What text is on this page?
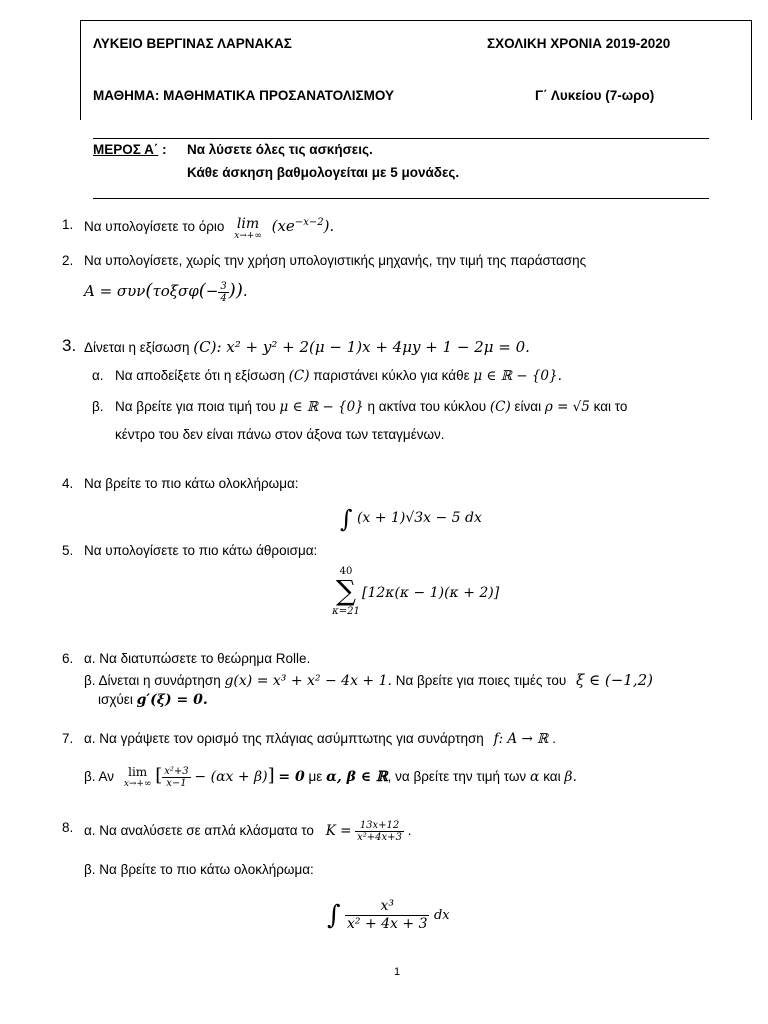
ΛΥΚΕΙΟ ΒΕΡΓΙΝΑΣ ΛΑΡΝΑΚΑΣ	ΣΧΟΛΙΚΗ ΧΡΟΝΙΑ 2019-2020
ΜΑΘΗΜΑ: ΜΑΘΗΜΑΤΙΚΑ ΠΡΟΣΑΝΑΤΟΛΙΣΜΟΥ	Γ΄ Λυκείου (7-ωρο)
ΜΕΡΟΣ Α΄ : Να λύσετε όλες τις ασκήσεις.
Κάθε άσκηση βαθμολογείται με 5 μονάδες.
1. Να υπολογίσετε το όριο lim
x→+∞
$(xe^{-x-2})$.
2. Να υπολογίσετε, χωρίς την χρήση υπολογιστικής μηχανής, την τιμή της παράστασης
$A = \sigma\upsilon\nu(\tau o\xi\sigma\varphi(- \frac{3}{4}$ )).
3. Δίνεται η εξίσωση (C): x² + y² + 2(μ − 1)x + 4μy + 1 − 2μ = 0.
α. Να αποδείξετε ότι η εξίσωση (C) παριστάνει κύκλο για κάθε μ ∈ ℝ − {0}.
β. Να βρείτε για ποια τιμή του μ ∈ ℝ − {0} η ακτίνα του κύκλου (C) είναι ρ = √5 και το
κέντρο του δεν είναι πάνω στον άξονα των τεταγμένων.
4. Να βρείτε το πιο κάτω ολοκλήρωμα:
∫ (x + 1)√3x − 5 dx
5. Να υπολογίσετε το πιο κάτω άθροισμα:
40
∑
κ=21
[12κ(κ − 1)(κ + 2)]
6. α. Να διατυπώσετε το θεώρημα Rolle.
β. Δίνεται η συνάρτηση g(x) = x³ + x² − 4x + 1. Να βρείτε για ποιες τιμές του ξ ∈ (−1,2)
ισχύει g′(ξ) = 0.
7. α. Να γράψετε τον ορισμό της πλάγιας ασύμπτωτης για συνάρτηση f: A → ℝ .
β. Αν	lim
x→+∞ [ $\frac{\text{x²+3}}{x-1} - (\alpha x + \beta)] = 0$ με α, β ∈ ℝ, να βρείτε την τιμή των α και β.
8. α. Να αναλύσετε σε απλά κλάσματα το $K = \frac{13x+12}{\text{x²+4x+3}}$ .
β. Να βρείτε το πιο κάτω ολοκλήρωμα:
∫ $\frac{\text{x³}}{\text{x² + 4x + 3}}$ dx
1
